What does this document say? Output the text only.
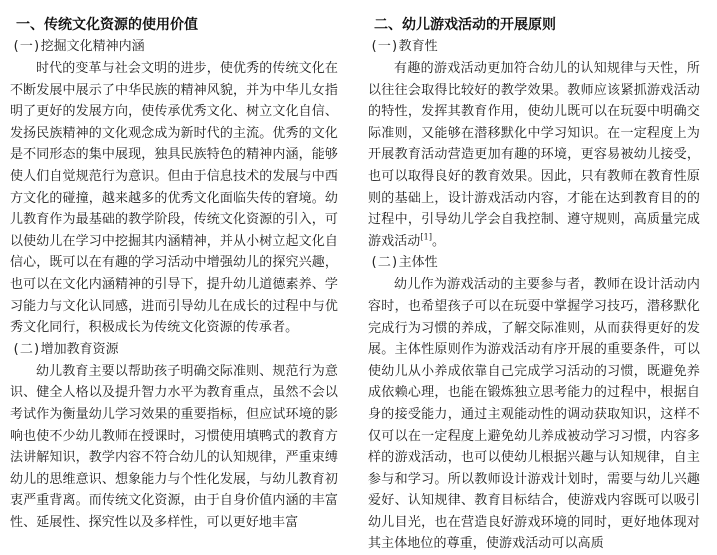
一、传统文化资源的使用价值
(一)挖掘文化精神内涵

时代的变革与社会文明的进步，使优秀的传统文化在不断发展中展示了中华民族的精神风貌，并为中华儿女指明了更好的发展方向，使传承优秀文化、树立文化自信、发扬民族精神的文化观念成为新时代的主流。优秀的文化是不同形态的集中展现，独具民族特色的精神内涵，能够使人们自觉规范行为意识。但由于信息技术的发展与中西方文化的碰撞，越来越多的优秀文化面临失传的窘境。幼儿教育作为最基础的教学阶段，传统文化资源的引入，可以使幼儿在学习中挖掘其内涵精神，并从小树立起文化自信心，既可以在有趣的学习活动中增强幼儿的探究兴趣，也可以在文化内涵精神的引导下，提升幼儿道德素养、学习能力与文化认同感，进而引导幼儿在成长的过程中与优秀文化同行，积极成长为传统文化资源的传承者。

(二)增加教育资源

幼儿教育主要以帮助孩子明确交际准则、规范行为意识、健全人格以及提升智力水平为教育重点，虽然不会以考试作为衡量幼儿学习效果的重要指标，但应试环境的影响也使不少幼儿教师在授课时，习惯使用填鸭式的教育方法讲解知识，教学内容不符合幼儿的认知规律，严重束缚幼儿的思维意识、想象能力与个性化发展，与幼儿教育初衷严重背离。而传统文化资源，由于自身价值内涵的丰富性、延展性、探究性以及多样性，可以更好地丰富

二、幼儿游戏活动的开展原则
(一)教育性

有趣的游戏活动更加符合幼儿的认知规律与天性，所以往往会取得比较好的教学效果。教师应该紧抓游戏活动的特性，发挥其教育作用，使幼儿既可以在玩耍中明确交际准则，又能够在潜移默化中学习知识。在一定程度上为开展教育活动营造更加有趣的环境，更容易被幼儿接受，也可以取得良好的教育效果。因此，只有教师在教育性原则的基础上，设计游戏活动内容，才能在达到教育目的的过程中，引导幼儿学会自我控制、遵守规则，高质量完成游戏活动[1]。

(二)主体性

幼儿作为游戏活动的主要参与者，教师在设计活动内容时，也希望孩子可以在玩耍中掌握学习技巧，潜移默化完成行为习惯的养成，了解交际准则，从而获得更好的发展。主体性原则作为游戏活动有序开展的重要条件，可以使幼儿从小养成依靠自己完成学习活动的习惯，既避免养成依赖心理，也能在锻炼独立思考能力的过程中，根据自身的接受能力，通过主观能动性的调动获取知识，这样不仅可以在一定程度上避免幼儿养成被动学习习惯，内容多样的游戏活动，也可以使幼儿根据兴趣与认知规律，自主参与和学习。所以教师设计游戏计划时，需要与幼儿兴趣爱好、认知规律、教育目标结合，使游戏内容既可以吸引幼儿目光，也在营造良好游戏环境的同时，更好地体现对其主体地位的尊重，使游戏活动可以高质
